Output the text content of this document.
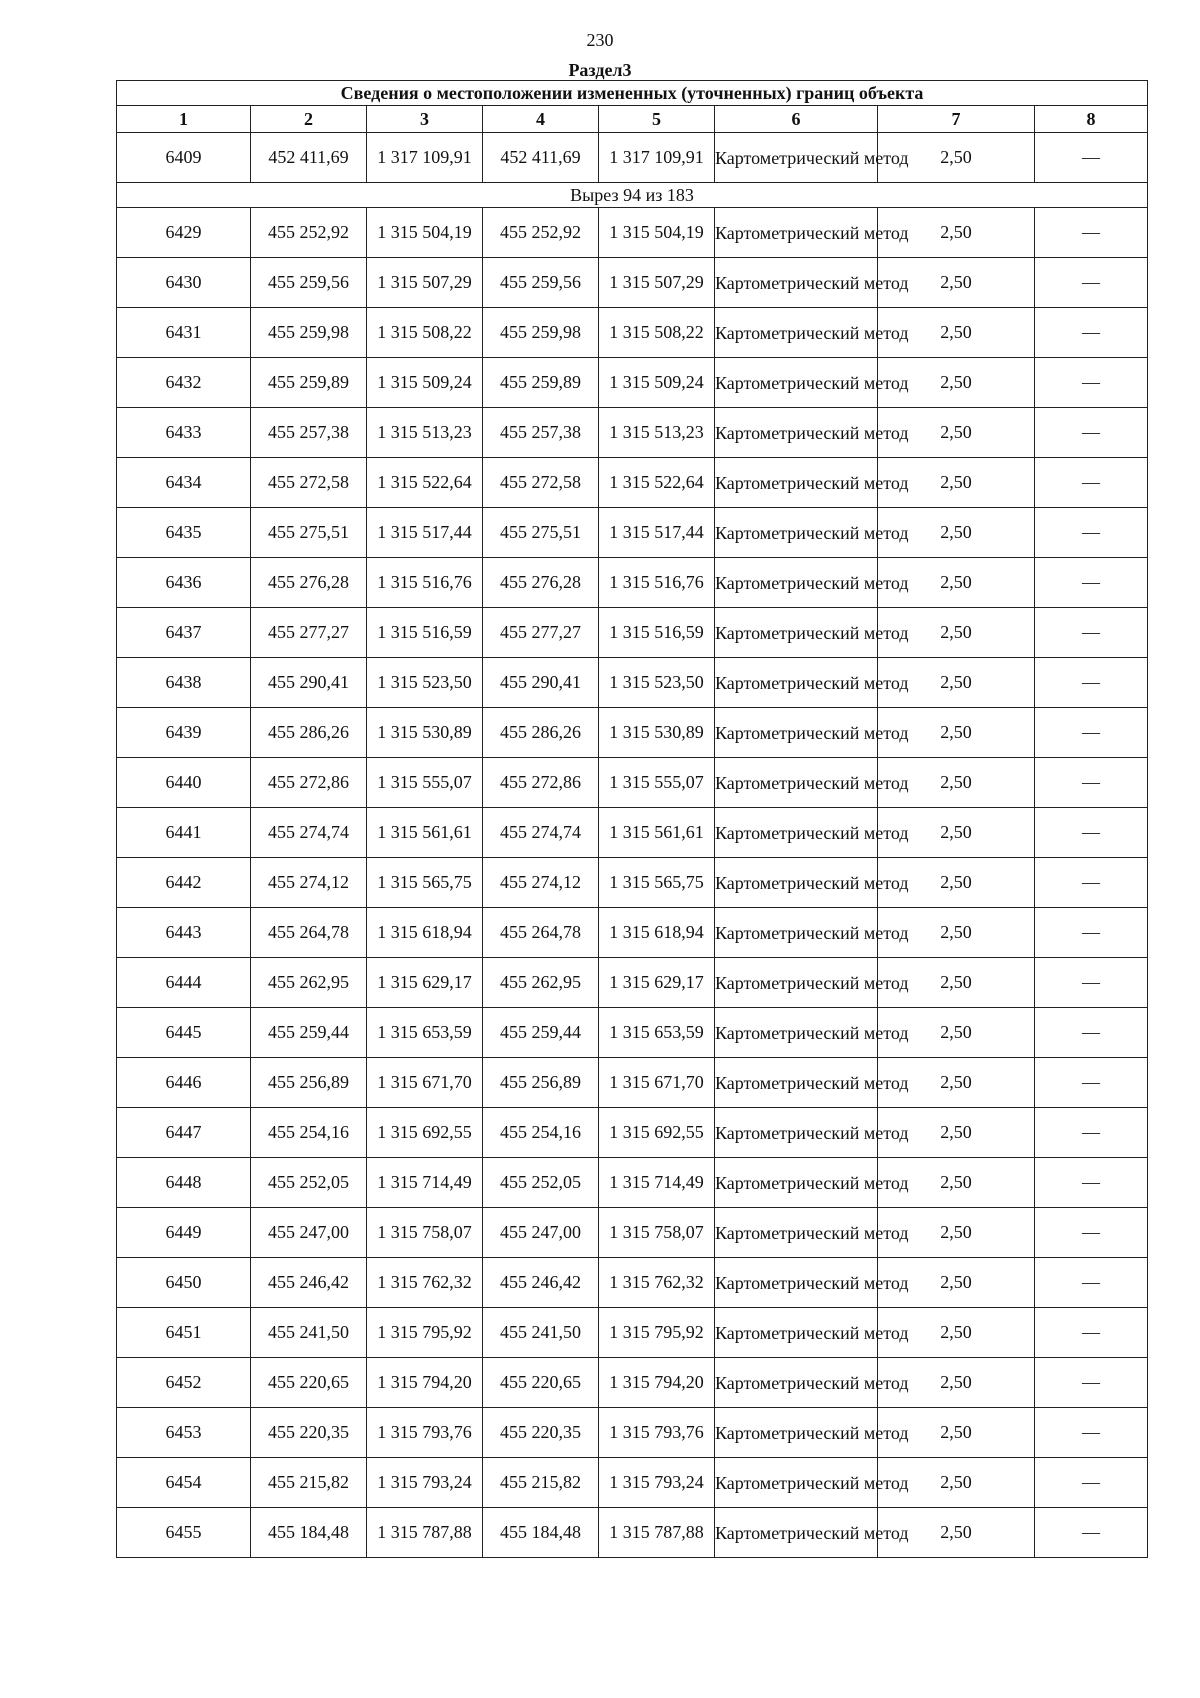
230
Раздел3
Сведения о местоположении измененных (уточненных) границ объекта							
1	2	3	4	5	6	7	8
6409	452 411,69	1 317 109,91	452 411,69	1 317 109,91	Картометрический метод	2,50	—
Вырез 94 из 183							
6429	455 252,92	1 315 504,19	455 252,92	1 315 504,19	Картометрический метод	2,50	—
6430	455 259,56	1 315 507,29	455 259,56	1 315 507,29	Картометрический метод	2,50	—
6431	455 259,98	1 315 508,22	455 259,98	1 315 508,22	Картометрический метод	2,50	—
6432	455 259,89	1 315 509,24	455 259,89	1 315 509,24	Картометрический метод	2,50	—
6433	455 257,38	1 315 513,23	455 257,38	1 315 513,23	Картометрический метод	2,50	—
6434	455 272,58	1 315 522,64	455 272,58	1 315 522,64	Картометрический метод	2,50	—
6435	455 275,51	1 315 517,44	455 275,51	1 315 517,44	Картометрический метод	2,50	—
6436	455 276,28	1 315 516,76	455 276,28	1 315 516,76	Картометрический метод	2,50	—
6437	455 277,27	1 315 516,59	455 277,27	1 315 516,59	Картометрический метод	2,50	—
6438	455 290,41	1 315 523,50	455 290,41	1 315 523,50	Картометрический метод	2,50	—
6439	455 286,26	1 315 530,89	455 286,26	1 315 530,89	Картометрический метод	2,50	—
6440	455 272,86	1 315 555,07	455 272,86	1 315 555,07	Картометрический метод	2,50	—
6441	455 274,74	1 315 561,61	455 274,74	1 315 561,61	Картометрический метод	2,50	—
6442	455 274,12	1 315 565,75	455 274,12	1 315 565,75	Картометрический метод	2,50	—
6443	455 264,78	1 315 618,94	455 264,78	1 315 618,94	Картометрический метод	2,50	—
6444	455 262,95	1 315 629,17	455 262,95	1 315 629,17	Картометрический метод	2,50	—
6445	455 259,44	1 315 653,59	455 259,44	1 315 653,59	Картометрический метод	2,50	—
6446	455 256,89	1 315 671,70	455 256,89	1 315 671,70	Картометрический метод	2,50	—
6447	455 254,16	1 315 692,55	455 254,16	1 315 692,55	Картометрический метод	2,50	—
6448	455 252,05	1 315 714,49	455 252,05	1 315 714,49	Картометрический метод	2,50	—
6449	455 247,00	1 315 758,07	455 247,00	1 315 758,07	Картометрический метод	2,50	—
6450	455 246,42	1 315 762,32	455 246,42	1 315 762,32	Картометрический метод	2,50	—
6451	455 241,50	1 315 795,92	455 241,50	1 315 795,92	Картометрический метод	2,50	—
6452	455 220,65	1 315 794,20	455 220,65	1 315 794,20	Картометрический метод	2,50	—
6453	455 220,35	1 315 793,76	455 220,35	1 315 793,76	Картометрический метод	2,50	—
6454	455 215,82	1 315 793,24	455 215,82	1 315 793,24	Картометрический метод	2,50	—
6455	455 184,48	1 315 787,88	455 184,48	1 315 787,88	Картометрический метод	2,50	—
